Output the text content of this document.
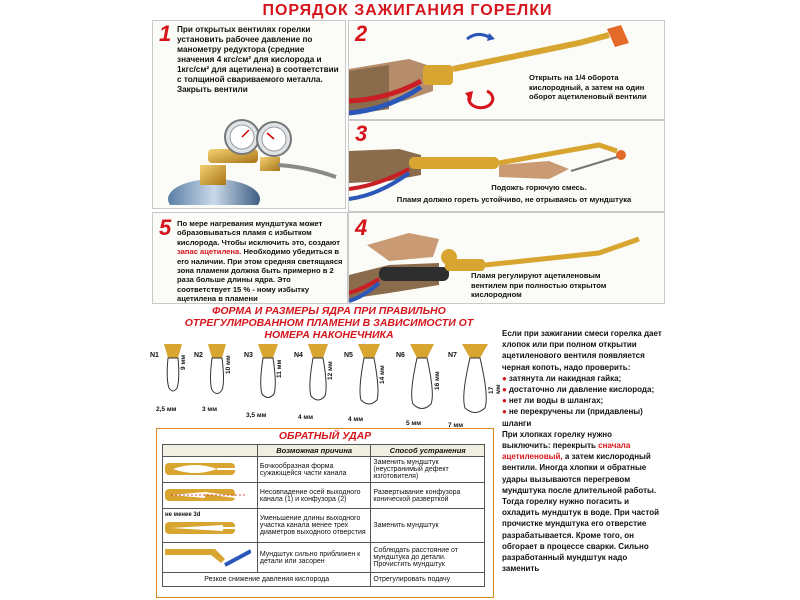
ПОРЯДОК ЗАЖИГАНИЯ ГОРЕЛКИ
1 При открытых вентилях горелки установить рабочее давление по манометру редуктора (средние значения 4 кгс/см² для кислорода и 1кгс/см² для ацетилена) в соответствии с толщиной свариваемого металла. Закрыть вентили
2
Открыть на 1/4 оборота кислородный, а затем на один оборот ацетиленовый вентили
3
Подожгь горючую смесь.
Пламя должно гореть устойчиво, не отрываясь от мундштука
5 По мере нагревания мундштука может образовываться пламя с избытком кислорода. Чтобы исключить это, создают запас ацетилена. Необходимо убедиться в его наличии. При этом средняя светящаяся зона пламени должна быть примерно в 2 раза больше длины ядра. Это соответствует 15 % - ному избытку ацетилена в пламени
4
Пламя регулируют ацетиленовым вентилем при полностью открытом кислородном
ФОРМА И РАЗМЕРЫ ЯДРА ПРИ ПРАВИЛЬНО ОТРЕГУЛИРОВАННОМ ПЛАМЕНИ В ЗАВИСИМОСТИ ОТ НОМЕРА НАКОНЕЧНИКА
N1	9 мм
2,5 мм
N2	10 мм
3 мм
N3
11 мм
3,5 мм
N4
12 мм
4 мм
N5
14 мм
4 мм
N6
16 мм
5 мм
N7
17 мм
7 мм
ОБРАТНЫЙ УДАР
	Возможная причина	Способ устранения
	Бочкообразная форма сужающейся части канала	Заменить мундштук (неустранимый дефект изготовителя)
	Несовпадение осей выходного канала (1) и конфузора (2)	Развертывание конфузора конической разверткой

не менее 3d	Уменьшение длины выходного участка канала менее трех диаметров выходного отверстия	Заменить мундштук
	Мундштук сильно приближен к детали или засорен	Соблюдать расстояние от мундштука до детали. Прочистить мундштук
Резкое снижение давления кислорода		Отрегулировать подачу
Если при зажигании смеси горелка дает хлопок или при полном открытии ацетиленового вентиля появляется черная копоть, надо проверить:
● затянута ли накидная гайка;
● достаточно ли давление кислорода;
● нет ли воды в шлангах;
● не перекручены ли (придавлены) шланги
При хлопках горелку нужно выключить: перекрыть сначала ацетиленовый, а затем кислородный вентили. Иногда хлопки и обратные удары вызываются перегревом мундштука после длительной работы. Тогда горелку нужно погасить и охладить мундштук в воде. При частой прочистке мундштука его отверстие разрабатывается. Кроме того, он обгорает в процессе сварки. Сильно разработанный мундштук надо заменить
